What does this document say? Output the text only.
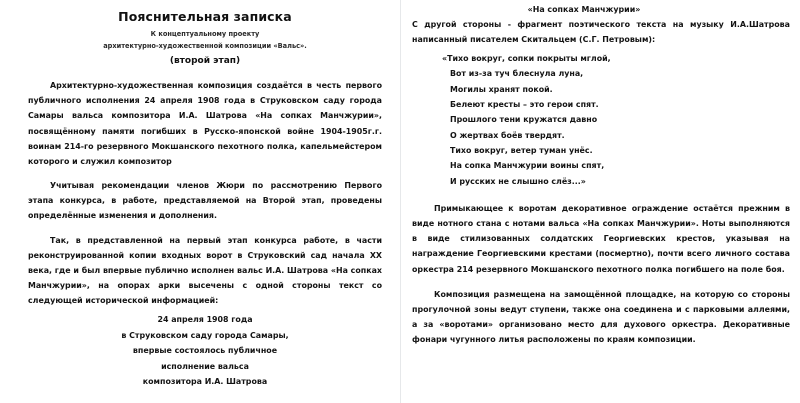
Пояснительная записка
К концептуальному проекту
архитектурно-художественной композиции «Вальс».
(второй этап)

Архитектурно-художественная композиция создаётся в честь первого публичного исполнения 24 апреля 1908 года в Струковском саду города Самары вальса композитора И.А. Шатрова «На сопках Манчжурии», посвящённому памяти погибших в Русско-японской войне 1904-1905г.г. воинам 214-го резервного Мокшанского пехотного полка, капельмейстером которого и служил композитор

Учитывая рекомендации членов Жюри по рассмотрению Первого этапа конкурса, в работе, представляемой на Второй этап, проведены определённые изменения и дополнения.

Так, в представленной на первый этап конкурса работе, в части реконструированной копии входных ворот в Струковский сад начала XX века, где и был впервые публично исполнен вальс И.А. Шатрова «На сопках Манчжурии», на опорах арки высечены с одной стороны текст со следующей исторической информацией:

24 апреля 1908 года
в Струковском саду города Самары,
впервые состоялось публичное
исполнение вальса
композитора И.А. Шатрова
«На сопках Манчжурии»

С другой стороны - фрагмент поэтического текста на музыку И.А.Шатрова написанный писателем Скитальцем (С.Г. Петровым):

«Тихо вокруг, сопки покрыты мглой,
Вот из-за туч блеснула луна,
Могилы хранят покой.
Белеют кресты – это герои спят.
Прошлого тени кружатся давно
О жертвах боёв твердят.
Тихо вокруг, ветер туман унёс.
На сопка Манчжурии воины спят,
И русских не слышно слёз...»

Примыкающее к воротам декоративное ограждение остаётся прежним в виде нотного стана с нотами вальса «На сопках Манчжурии». Ноты выполняются в виде стилизованных солдатских Георгиевских крестов, указывая на награждение Георгиевскими крестами (посмертно), почти всего личного состава оркестра 214 резервного Мокшанского пехотного полка погибшего на поле боя.

Композиция размещена на замощённой площадке, на которую со стороны прогулочной зоны ведут ступени, также она соединена и с парковыми аллеями, а за «воротами» организовано место для духового оркестра. Декоративные фонари чугунного литья расположены по краям композиции.
